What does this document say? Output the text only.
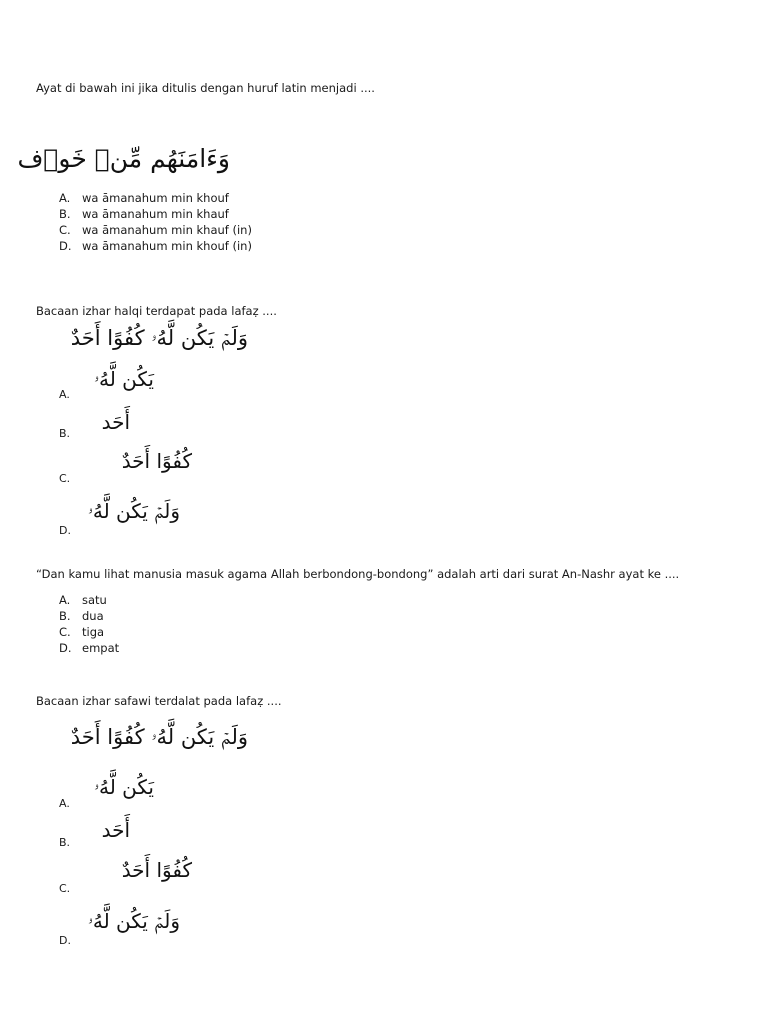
Ayat di bawah ini jika ditulis dengan huruf latin menjadi ....
وَءَامَنَهُم مِّنۡ خَوۡف
A. wa āmanahum min khouf
B. wa āmanahum min khauf
C. wa āmanahum min khauf (in)
D. wa āmanahum min khouf (in)
Bacaan izhar halqi terdapat pada lafaẓ ....
وَلَمۡ يَكُن لَّهُۥ كُفُوًا أَحَدٌ
A.
يَكُن لَّهُۥ
B.	أَحَد
C.
كُفُوًا أَحَدٌ
D.
وَلَمۡ يَكُن لَّهُۥ
“Dan kamu lihat manusia masuk agama Allah berbondong-bondong” adalah arti dari surat An-Nashr ayat ke ....
A. satu
B. dua
C. tiga
D. empat
Bacaan izhar safawi terdalat pada lafaẓ ....
وَلَمۡ يَكُن لَّهُۥ كُفُوًا أَحَدٌ
A.
يَكُن لَّهُۥ
B.
أَحَد
C.
كُفُوًا أَحَدٌ
D.
وَلَمۡ يَكُن لَّهُۥ
